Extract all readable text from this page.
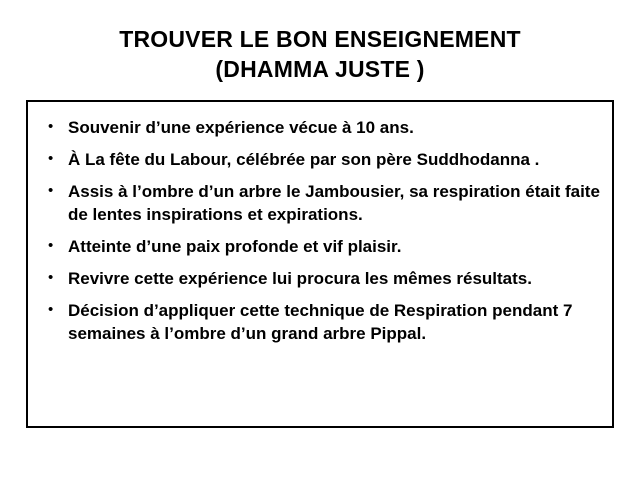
TROUVER LE BON ENSEIGNEMENT
(DHAMMA JUSTE )
• Souvenir d’une expérience vécue à 10 ans.
• À La fête du Labour, célébrée par son père Suddhodanna .
• Assis à l’ombre d’un arbre le Jambousier, sa respiration était faite de lentes inspirations et expirations.
• Atteinte d’une paix profonde et vif plaisir.
• Revivre cette expérience lui procura les mêmes résultats.
• Décision d’appliquer cette technique de Respiration pendant 7 semaines à l’ombre d’un grand arbre Pippal.
